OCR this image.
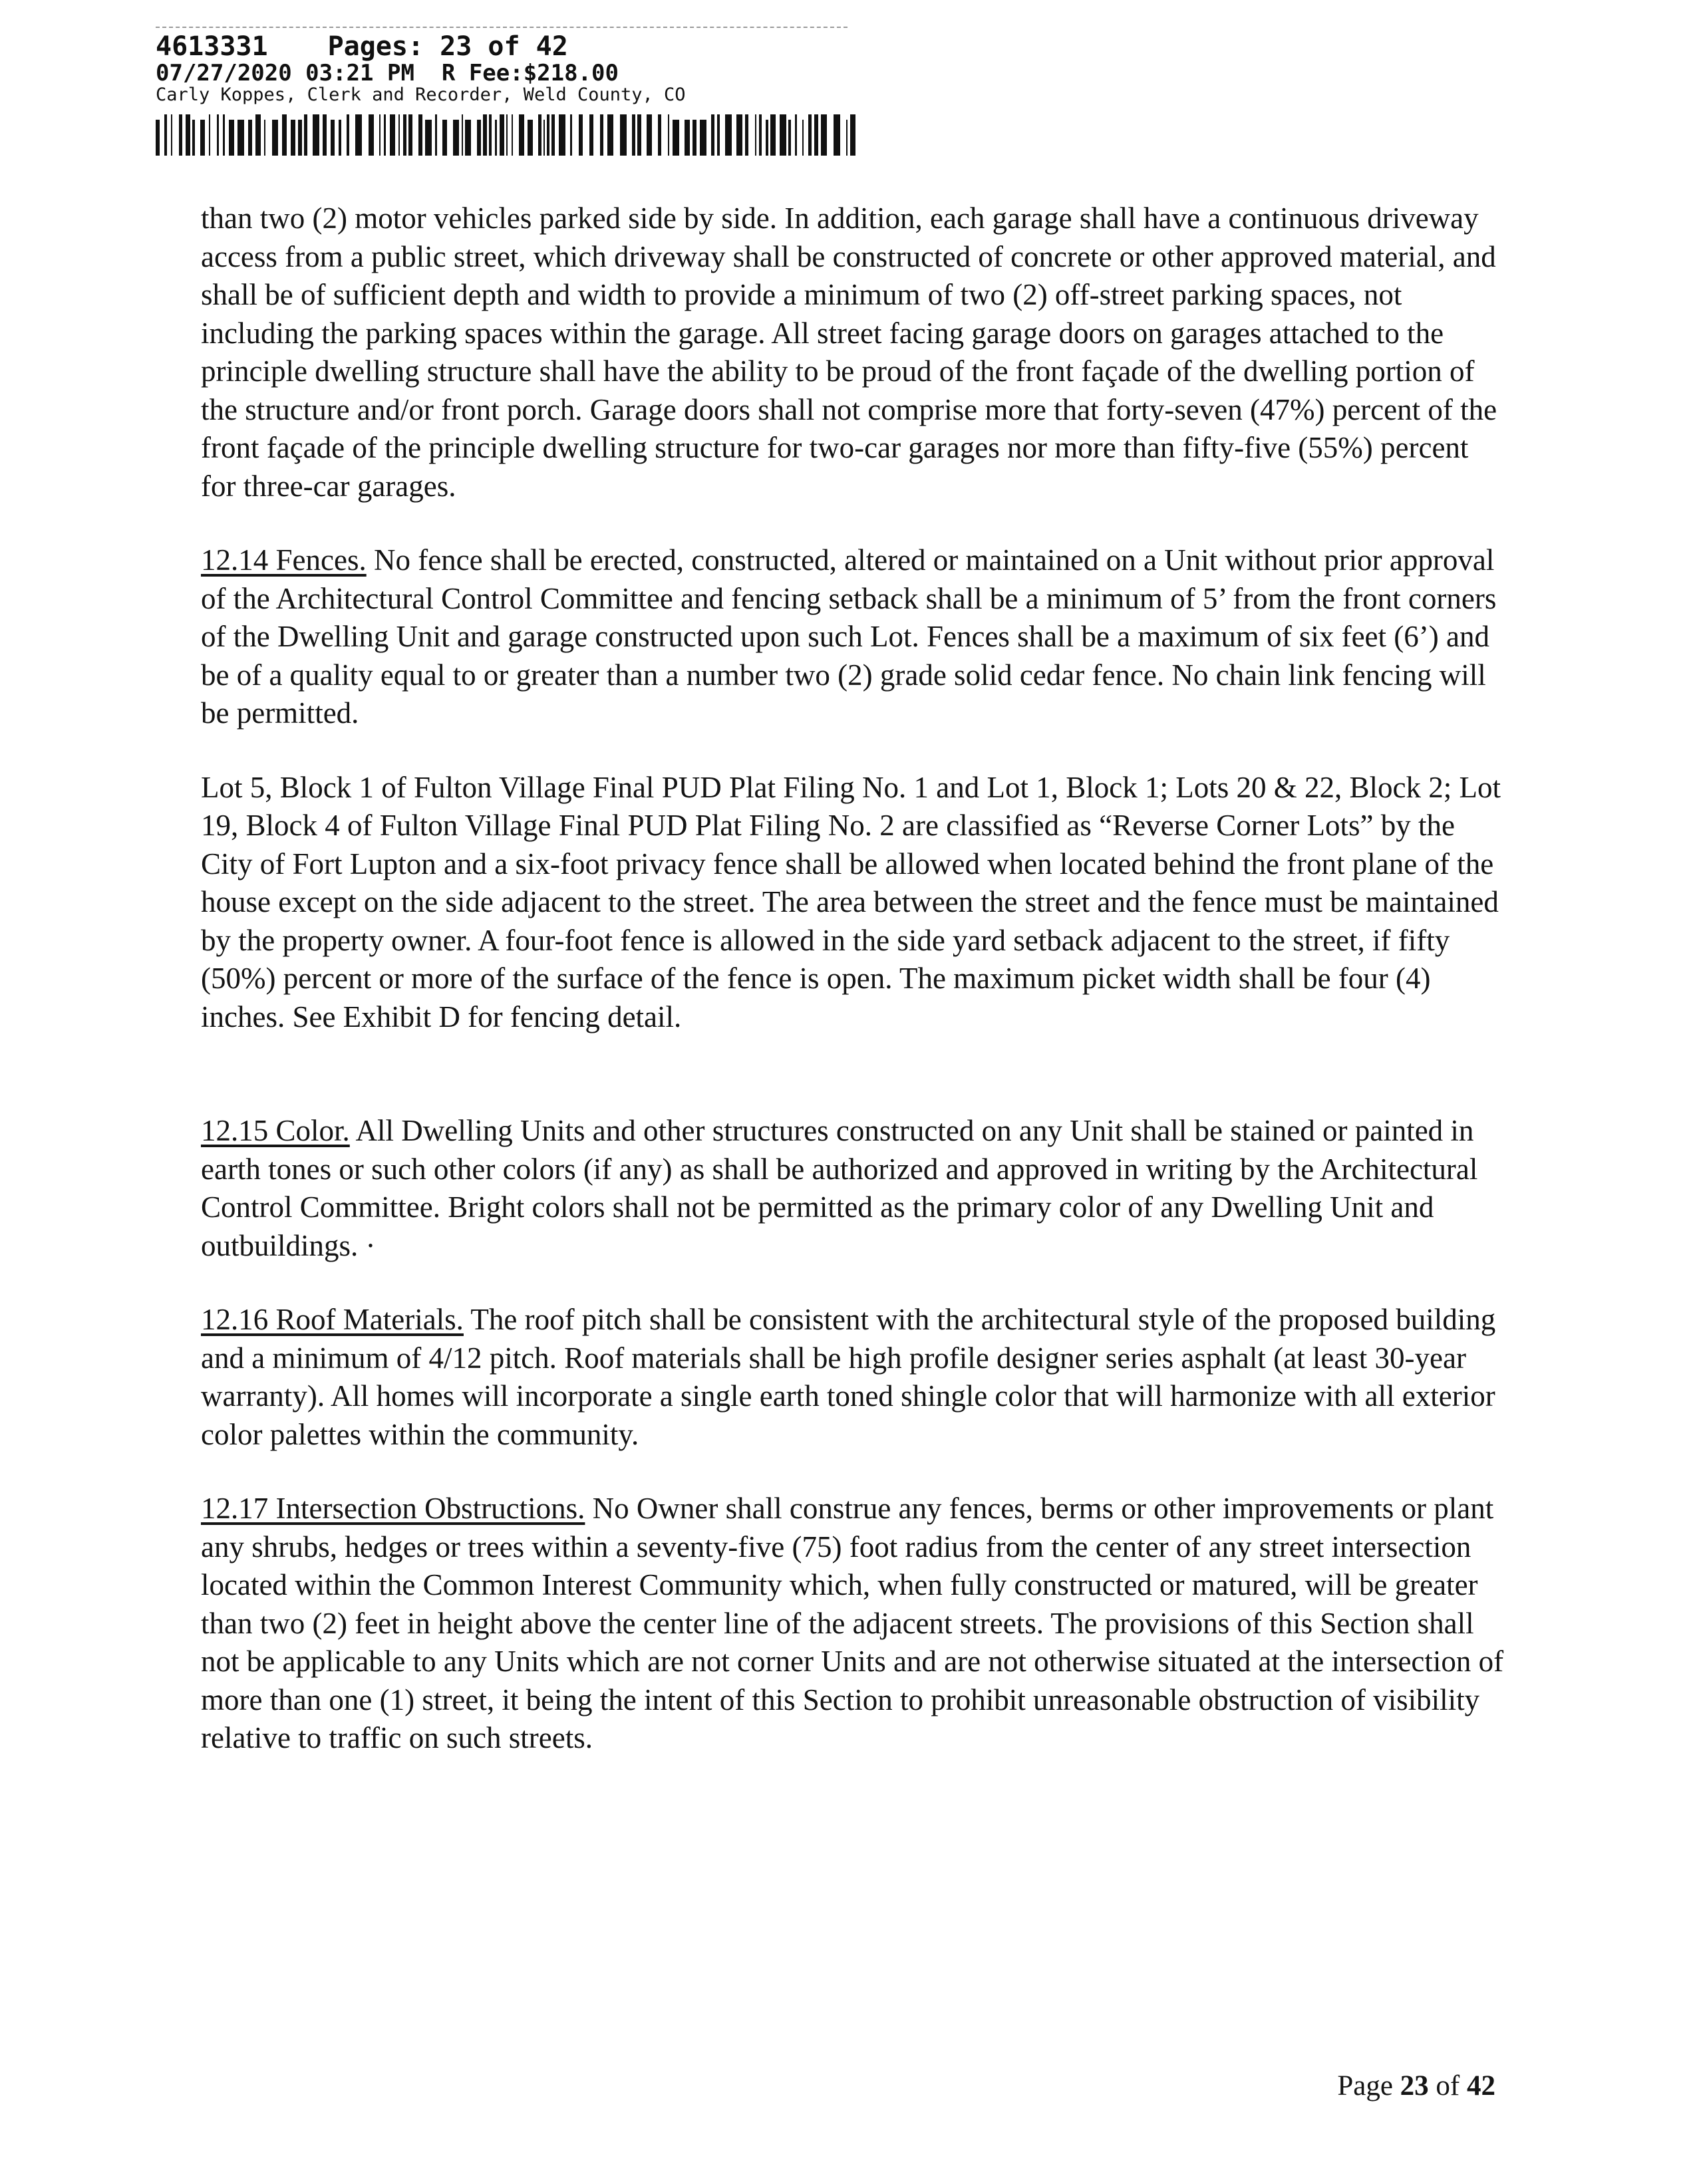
4613331 Pages: 23 of 42
07/27/2020 03:21 PM R Fee:$218.00
Carly Koppes, Clerk and Recorder, Weld County, CO

than two (2) motor vehicles parked side by side. In addition, each garage shall have a continuous driveway access from a public street, which driveway shall be constructed of concrete or other approved material, and shall be of sufficient depth and width to provide a minimum of two (2) off-street parking spaces, not including the parking spaces within the garage. All street facing garage doors on garages attached to the principle dwelling structure shall have the ability to be proud of the front façade of the dwelling portion of the structure and/or front porch. Garage doors shall not comprise more that forty-seven (47%) percent of the front façade of the principle dwelling structure for two-car garages nor more than fifty-five (55%) percent for three-car garages.

12.14 Fences. No fence shall be erected, constructed, altered or maintained on a Unit without prior approval of the Architectural Control Committee and fencing setback shall be a minimum of 5’ from the front corners of the Dwelling Unit and garage constructed upon such Lot. Fences shall be a maximum of six feet (6’) and be of a quality equal to or greater than a number two (2) grade solid cedar fence. No chain link fencing will be permitted.

Lot 5, Block 1 of Fulton Village Final PUD Plat Filing No. 1 and Lot 1, Block 1; Lots 20 & 22, Block 2; Lot 19, Block 4 of Fulton Village Final PUD Plat Filing No. 2 are classified as “Reverse Corner Lots” by the City of Fort Lupton and a six-foot privacy fence shall be allowed when located behind the front plane of the house except on the side adjacent to the street. The area between the street and the fence must be maintained by the property owner. A four-foot fence is allowed in the side yard setback adjacent to the street, if fifty (50%) percent or more of the surface of the fence is open. The maximum picket width shall be four (4) inches. See Exhibit D for fencing detail.

12.15 Color. All Dwelling Units and other structures constructed on any Unit shall be stained or painted in earth tones or such other colors (if any) as shall be authorized and approved in writing by the Architectural Control Committee. Bright colors shall not be permitted as the primary color of any Dwelling Unit and outbuildings. ·

12.16 Roof Materials. The roof pitch shall be consistent with the architectural style of the proposed building and a minimum of 4/12 pitch. Roof materials shall be high profile designer series asphalt (at least 30-year warranty). All homes will incorporate a single earth toned shingle color that will harmonize with all exterior color palettes within the community.

12.17 Intersection Obstructions. No Owner shall construe any fences, berms or other improvements or plant any shrubs, hedges or trees within a seventy-five (75) foot radius from the center of any street intersection located within the Common Interest Community which, when fully constructed or matured, will be greater than two (2) feet in height above the center line of the adjacent streets. The provisions of this Section shall not be applicable to any Units which are not corner Units and are not otherwise situated at the intersection of more than one (1) street, it being the intent of this Section to prohibit unreasonable obstruction of visibility relative to traffic on such streets.

Page 23 of 42
